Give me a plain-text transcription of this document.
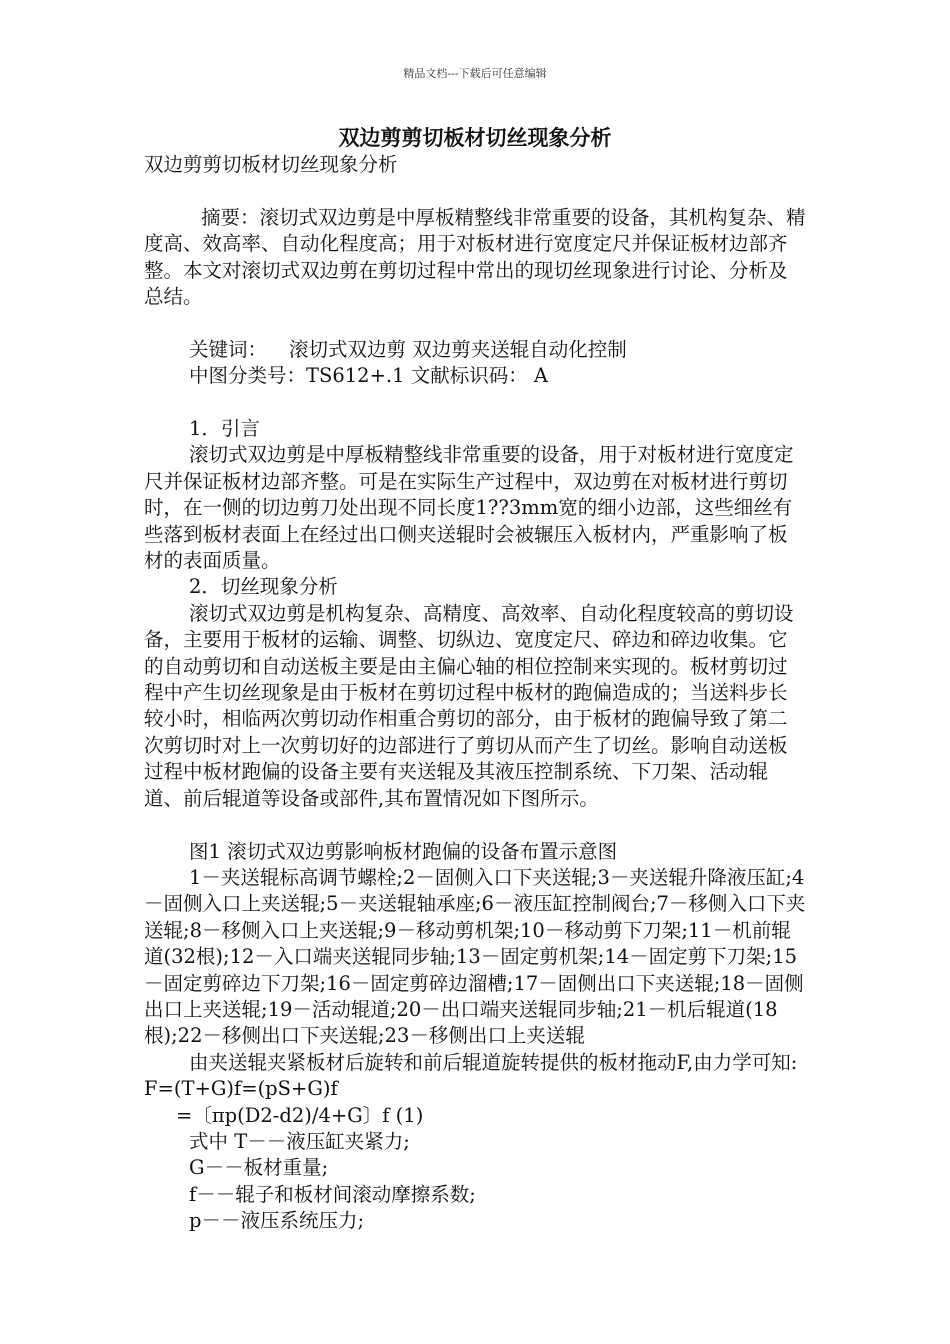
精品文档---下载后可任意编辑
双边剪剪切板材切丝现象分析

双边剪剪切板材切丝现象分析

摘要：滚切式双边剪是中厚板精整线非常重要的设备，其机构复杂、精度高、效高率、自动化程度高；用于对板材进行宽度定尺并保证板材边部齐整。本文对滚切式双边剪在剪切过程中常出的现切丝现象进行讨论、分析及总结。

关键词： 滚切式双边剪 双边剪夹送辊自动化控制

中图分类号：TS612+.1 文献标识码： A

1．引言

滚切式双边剪是中厚板精整线非常重要的设备，用于对板材进行宽度定尺并保证板材边部齐整。可是在实际生产过程中，双边剪在对板材进行剪切时，在一侧的切边剪刀处出现不同长度1??3mm宽的细小边部，这些细丝有些落到板材表面上在经过出口侧夹送辊时会被辗压入板材内，严重影响了板材的表面质量。

2．切丝现象分析

滚切式双边剪是机构复杂、高精度、高效率、自动化程度较高的剪切设备，主要用于板材的运输、调整、切纵边、宽度定尺、碎边和碎边收集。它的自动剪切和自动送板主要是由主偏心轴的相位控制来实现的。板材剪切过程中产生切丝现象是由于板材在剪切过程中板材的跑偏造成的；当送料步长较小时，相临两次剪切动作相重合剪切的部分，由于板材的跑偏导致了第二次剪切时对上一次剪切好的边部进行了剪切从而产生了切丝。影响自动送板过程中板材跑偏的设备主要有夹送辊及其液压控制系统、下刀架、活动辊道、前后辊道等设备或部件,其布置情况如下图所示。

图1 滚切式双边剪影响板材跑偏的设备布置示意图

1－夹送辊标高调节螺栓;2－固侧入口下夹送辊;3－夹送辊升降液压缸;4－固侧入口上夹送辊;5－夹送辊轴承座;6－液压缸控制阀台;7－移侧入口下夹送辊;8－移侧入口上夹送辊;9－移动剪机架;10－移动剪下刀架;11－机前辊道(32根);12－入口端夹送辊同步轴;13－固定剪机架;14－固定剪下刀架;15－固定剪碎边下刀架;16－固定剪碎边溜槽;17－固侧出口下夹送辊;18－固侧出口上夹送辊;19－活动辊道;20－出口端夹送辊同步轴;21－机后辊道(18根);22－移侧出口下夹送辊;23－移侧出口上夹送辊

由夹送辊夹紧板材后旋转和前后辊道旋转提供的板材拖动F,由力学可知: F=(T+G)f=(pS+G)f

=〔πp(D2-d2)/4+G〕f (1)

式中 T－－液压缸夹紧力;

G－－板材重量;

f－－辊子和板材间滚动摩擦系数;

p－－液压系统压力;
